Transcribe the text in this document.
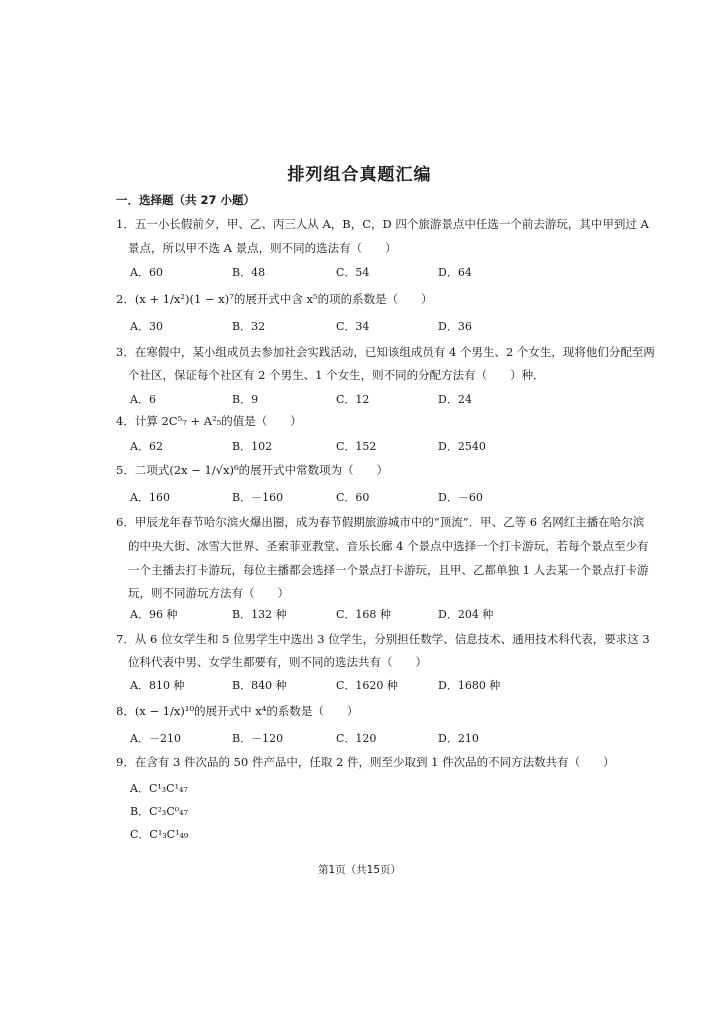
排列组合真题汇编
一．选择题（共 27 小题）
1．五一小长假前夕，甲、乙、丙三人从 A，B，C，D 四个旅游景点中任选一个前去游玩，其中甲到过 A
景点，所以甲不选 A 景点，则不同的选法有（　　）
A．60	B．48	C．54	D．64
2．(x + 1/x²)(1 − x)⁷的展开式中含 x⁵的项的系数是（　　）
A．30	B．32	C．34	D．36
3．在寒假中，某小组成员去参加社会实践活动，已知该组成员有 4 个男生、2 个女生，现将他们分配至两
个社区，保证每个社区有 2 个男生、1 个女生，则不同的分配方法有（　　）种．
A．6	B．9	C．12	D．24
4．计算 2C⁵₇ + A²₅的值是（　　）
A．62	B．102	C．152	D．2540
5．二项式(2x − 1/√x)⁶的展开式中常数项为（　　）
A．160	B．－160	C．60	D．－60
6．甲辰龙年春节哈尔滨火爆出圈，成为春节假期旅游城市中的“顶流”．甲、乙等 6 名网红主播在哈尔滨
的中央大街、冰雪大世界、圣索菲亚教堂、音乐长廊 4 个景点中选择一个打卡游玩，若每个景点至少有
一个主播去打卡游玩，每位主播都会选择一个景点打卡游玩，且甲、乙都单独 1 人去某一个景点打卡游
玩，则不同游玩方法有（　　）
A．96 种	B．132 种	C．168 种	D．204 种
7．从 6 位女学生和 5 位男学生中选出 3 位学生，分别担任数学、信息技术、通用技术科代表，要求这 3
位科代表中男、女学生都要有，则不同的选法共有（　　）
A．810 种	B．840 种	C．1620 种	D．1680 种
8．(x − 1/x)¹⁰的展开式中 x⁴的系数是（　　）
A．－210	B．－120	C．120	D．210
9．在含有 3 件次品的 50 件产品中，任取 2 件，则至少取到 1 件次品的不同方法数共有（　　）
A．C¹₃C¹₄₇
B．C²₃C⁰₄₇
C．C¹₃C¹₄₉
第1页（共15页）
